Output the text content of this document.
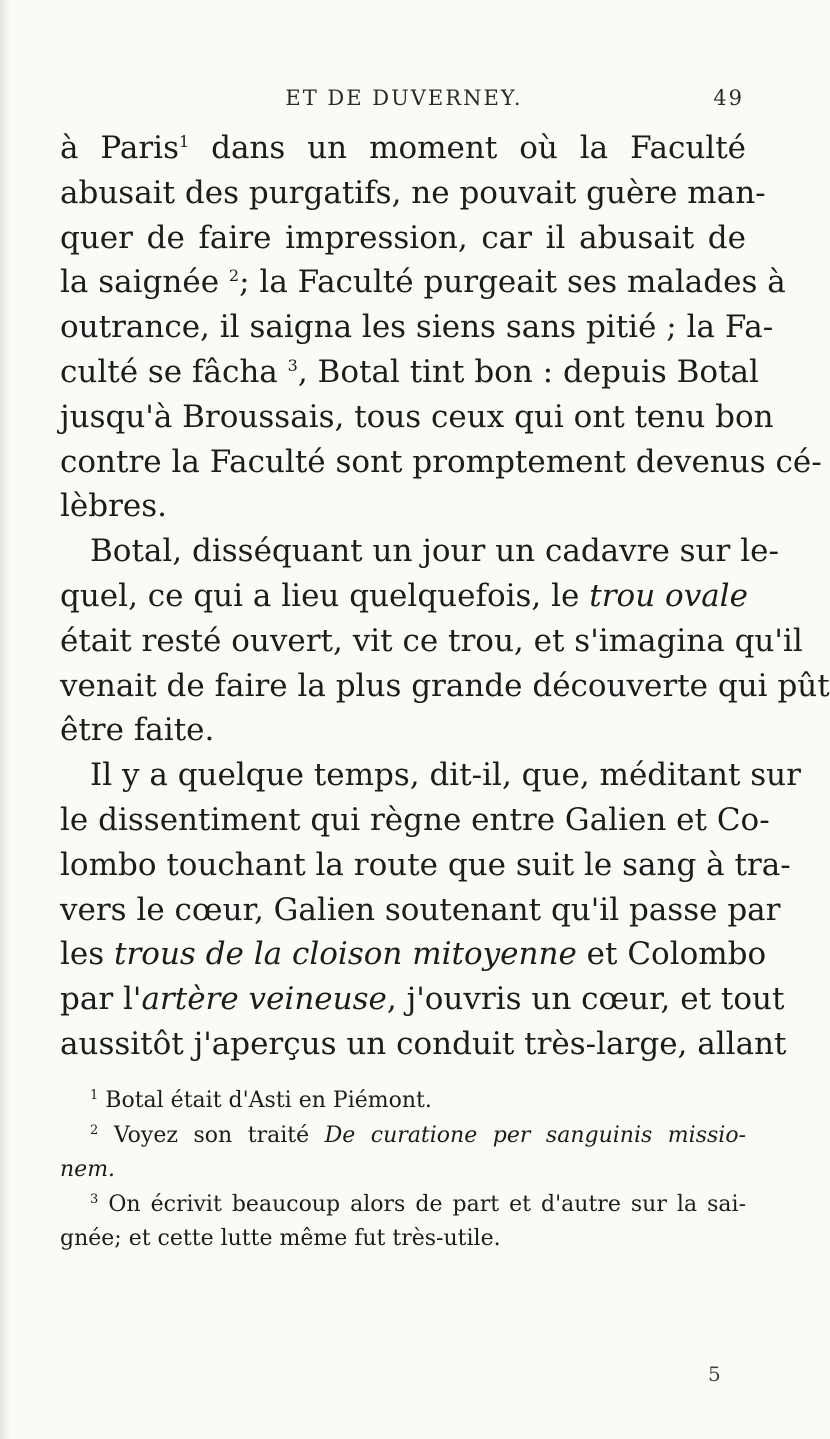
ET DE DUVERNEY.	49
à Paris$^1$ dans un moment où la Faculté
abusait des purgatifs, ne pouvait guère man-
quer de faire impression, car il abusait de
la saignée $^2$; la Faculté purgeait ses malades à
outrance, il saigna les siens sans pitié ; la Fa-
culté se fâcha $^3$, Botal tint bon : depuis Botal
jusqu'à Broussais, tous ceux qui ont tenu bon
contre la Faculté sont promptement devenus cé-
lèbres.
Botal, disséquant un jour un cadavre sur le-
quel, ce qui a lieu quelquefois, le trou ovale
était resté ouvert, vit ce trou, et s'imagina qu'il
venait de faire la plus grande découverte qui pût
être faite.
Il y a quelque temps, dit-il, que, méditant sur
le dissentiment qui règne entre Galien et Co-
lombo touchant la route que suit le sang à tra-
vers le cœur, Galien soutenant qu'il passe par
les trous de la cloison mitoyenne et Colombo
par l'artère veineuse, j'ouvris un cœur, et tout
aussitôt j'aperçus un conduit très-large, allant
$^1$ Botal était d'Asti en Piémont.
$^2$ Voyez son traité De curatione per sanguinis missio-
nem.
$^3$ On écrivit beaucoup alors de part et d'autre sur la sai-
gnée; et cette lutte même fut très-utile.
5
